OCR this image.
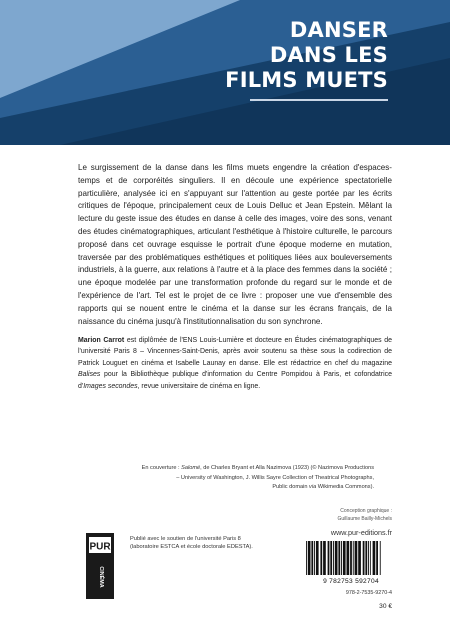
DANSER
DANS LES
FILMS MUETS

Le surgissement de la danse dans les films muets engendre la création d'espaces-temps et de corporéités singuliers. Il en découle une expérience spectatorielle particulière, analysée ici en s'appuyant sur l'attention au geste portée par les écrits critiques de l'époque, principalement ceux de Louis Delluc et Jean Epstein. Mêlant la lecture du geste issue des études en danse à celle des images, voire des sons, venant des études cinématographiques, articulant l'esthétique à l'histoire culturelle, le parcours proposé dans cet ouvrage esquisse le portrait d'une époque moderne en mutation, traversée par des problématiques esthétiques et politiques liées aux bouleversements industriels, à la guerre, aux relations à l'autre et à la place des femmes dans la société ; une époque modelée par une transformation profonde du regard sur le monde et de l'expérience de l'art. Tel est le projet de ce livre : proposer une vue d'ensemble des rapports qui se nouent entre le cinéma et la danse sur les écrans français, de la naissance du cinéma jusqu'à l'institutionnalisation du son synchrone.

Marion Carrot est diplômée de l'ENS Louis-Lumière et docteure en Études cinématographiques de l'université Paris 8 – Vincennes-Saint-Denis, après avoir soutenu sa thèse sous la codirection de Patrick Louguet en cinéma et Isabelle Launay en danse. Elle est rédactrice en chef du magazine Balises pour la Bibliothèque publique d'information du Centre Pompidou à Paris, et cofondatrice d'Images secondes, revue universitaire de cinéma en ligne.

En couverture : Salomé, de Charles Bryant et Alla Nazimova (1923) (© Nazimova Productions
– University of Washington, J. Willis Sayre Collection of Theatrical Photographs,
Public domain via Wikimedia Commons).
Conception graphique :
Guillaume Bailly-Michels
www.pur-editions.fr
PUR
CINÉMA
Publié avec le soutien de l'université Paris 8
(laboratoire ESTCA et école doctorale EDESTA).
9 782753 592704
978-2-7535-9270-4
30 €
